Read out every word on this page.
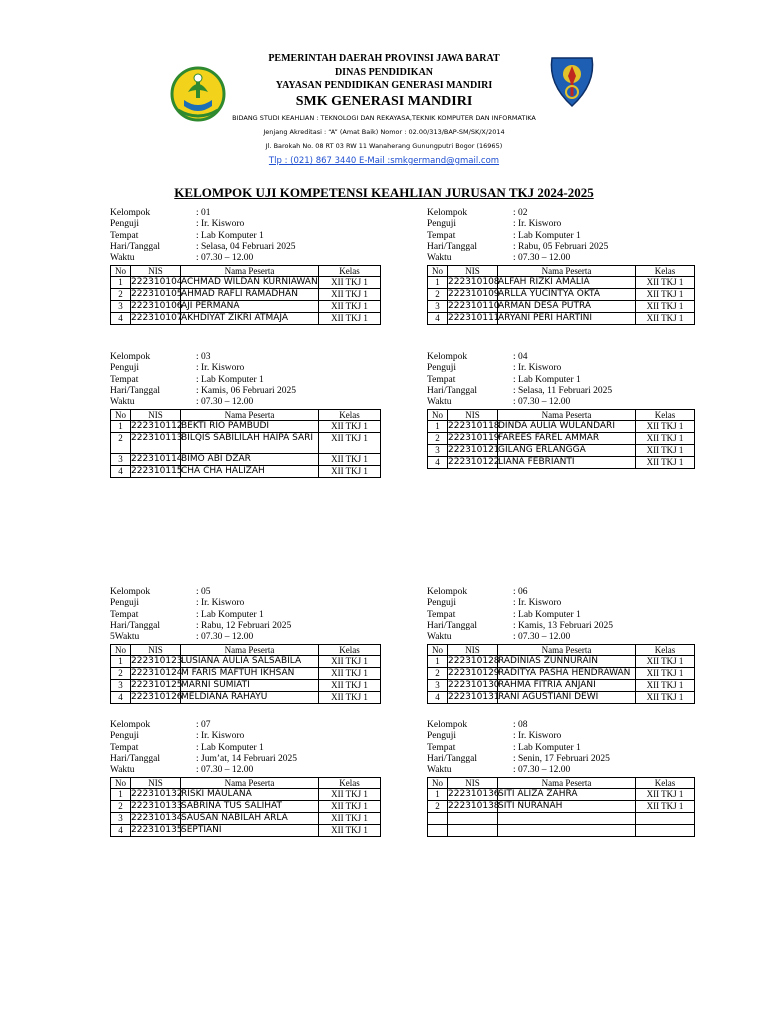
PEMERINTAH DAERAH PROVINSI JAWA BARAT
DINAS PENDIDIKAN
YAYASAN PENDIDIKAN GENERASI MANDIRI
SMK GENERASI MANDIRI
BIDANG STUDI KEAHLIAN : TEKNOLOGI DAN REKAYASA,TEKNIK KOMPUTER DAN INFORMATIKA
Jenjang Akreditasi : “A” (Amat Baik) Nomor : 02.00/313/BAP-SM/SK/X/2014
Jl. Barokah No. 08 RT 03 RW 11 Wanaherang Gunungputri Bogor (16965)
Tlp : (021) 867 3440 E-Mail :smkgermand@gmail.com
KELOMPOK UJI KOMPETENSI KEAHLIAN JURUSAN TKJ 2024-2025
Kelompok	: 01
Penguji	: Ir. Kisworo
Tempat	: Lab Komputer 1
Hari/Tanggal	: Selasa, 04 Februari 2025
Waktu	: 07.30 – 12.00
No	NIS	Nama Peserta	Kelas
1	222310104	ACHMAD WILDAN KURNIAWAN	XII TKJ 1
2	222310105	AHMAD RAFLI RAMADHAN	XII TKJ 1
3	222310106	AJI PERMANA	XII TKJ 1
4	222310107	AKHDIYAT ZIKRI ATMAJA	XII TKJ 1
Kelompok	: 02
Penguji	: Ir. Kisworo
Tempat	: Lab Komputer 1
Hari/Tanggal	: Rabu, 05 Februari 2025
Waktu	: 07.30 – 12.00
No	NIS	Nama Peserta	Kelas
1	222310108	ALFAH RIZKI AMALIA	XII TKJ 1
2	222310109	ARLLA YUCINTYA OKTA	XII TKJ 1
3	222310110	ARMAN DESA PUTRA	XII TKJ 1
4	222310111	ARYANI PERI HARTINI	XII TKJ 1
Kelompok	: 03
Penguji	: Ir. Kisworo
Tempat	: Lab Komputer 1
Hari/Tanggal	: Kamis, 06 Februari 2025
Waktu	: 07.30 – 12.00
No	NIS	Nama Peserta	Kelas
1	222310112	BEKTI RIO PAMBUDI	XII TKJ 1
2	222310113	BILQIS SABILILAH HAIPA SARI	XII TKJ 1
3	222310114	BIMO ABI DZAR	XII TKJ 1
4	222310115	CHA CHA HALIZAH	XII TKJ 1
Kelompok	: 04
Penguji	: Ir. Kisworo
Tempat	: Lab Komputer 1
Hari/Tanggal	: Selasa, 11 Februari 2025
Waktu	: 07.30 – 12.00
No	NIS	Nama Peserta	Kelas
1	222310118	DINDA AULIA WULANDARI	XII TKJ 1
2	222310119	FAREES FAREL AMMAR	XII TKJ 1
3	222310121	GILANG ERLANGGA	XII TKJ 1
4	222310122	LIANA FEBRIANTI	XII TKJ 1
Kelompok	: 05
Penguji	: Ir. Kisworo
Tempat	: Lab Komputer 1
Hari/Tanggal	: Rabu, 12 Februari 2025
5Waktu	: 07.30 – 12.00
No	NIS	Nama Peserta	Kelas
1	222310123	LUSIANA AULIA SALSABILA	XII TKJ 1
2	222310124	M FARIS MAFTUH IKHSAN	XII TKJ 1
3	222310125	MARNI SUMIATI	XII TKJ 1
4	222310126	MELDIANA RAHAYU	XII TKJ 1
Kelompok	: 06
Penguji	: Ir. Kisworo
Tempat	: Lab Komputer 1
Hari/Tanggal	: Kamis, 13 Februari 2025
Waktu	: 07.30 – 12.00
No	NIS	Nama Peserta	Kelas
1	222310128	RADINIAS ZUNNURAIN	XII TKJ 1
2	222310129	RADITYA PASHA HENDRAWAN	XII TKJ 1
3	222310130	RAHMA FITRIA ANJANI	XII TKJ 1
4	222310131	RANI AGUSTIANI DEWI	XII TKJ 1
Kelompok	: 07
Penguji	: Ir. Kisworo
Tempat	: Lab Komputer 1
Hari/Tanggal	: Jum’at, 14 Februari 2025
Waktu	: 07.30 – 12.00
No	NIS	Nama Peserta	Kelas
1	222310132	RISKI MAULANA	XII TKJ 1
2	222310133	SABRINA TUS SALIHAT	XII TKJ 1
3	222310134	SAUSAN NABILAH ARLA	XII TKJ 1
4	222310135	SEPTIANI	XII TKJ 1
Kelompok	: 08
Penguji	: Ir. Kisworo
Tempat	: Lab Komputer 1
Hari/Tanggal	: Senin, 17 Februari 2025
Waktu	: 07.30 – 12.00
No	NIS	Nama Peserta	Kelas
1	222310136	SITI ALIZA ZAHRA	XII TKJ 1
2	222310138	SITI NURANAH	XII TKJ 1
